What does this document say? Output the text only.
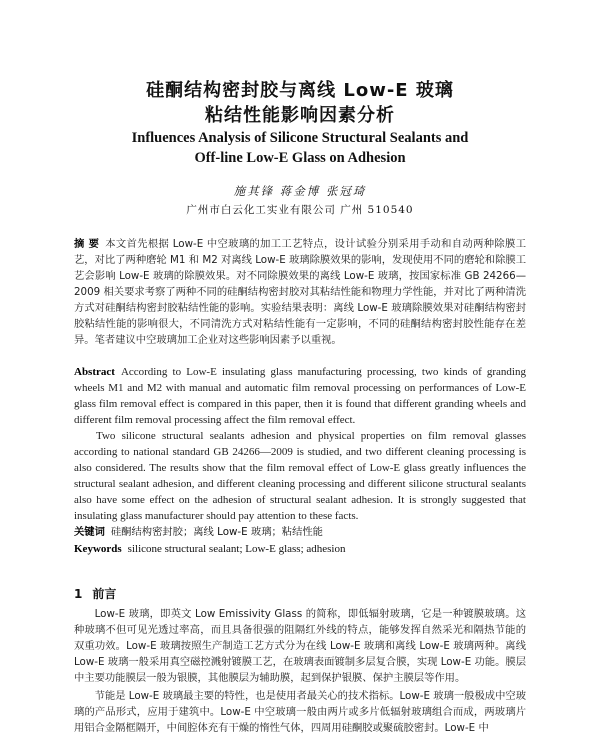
硅酮结构密封胶与离线 Low-E 玻璃
粘结性能影响因素分析
Influences Analysis of Silicone Structural Sealants and
Off-line Low-E Glass on Adhesion
施其锋 蒋金博 张冠琦
广州市白云化工实业有限公司 广州 510540
摘 要 本文首先根据 Low-E 中空玻璃的加工工艺特点，设计试验分别采用手动和自动两种除膜工艺，对比了两种磨轮 M1 和 M2 对离线 Low-E 玻璃除膜效果的影响，发现使用不同的磨轮和除膜工艺会影响 Low-E 玻璃的除膜效果。对不同除膜效果的离线 Low-E 玻璃，按国家标准 GB 24266—2009 相关要求考察了两种不同的硅酮结构密封胶对其粘结性能和物理力学性能，并对比了两种清洗方式对硅酮结构密封胶粘结性能的影响。实验结果表明：离线 Low-E 玻璃除膜效果对硅酮结构密封胶粘结性能的影响很大，不同清洗方式对粘结性能有一定影响，不同的硅酮结构密封胶性能存在差异。笔者建议中空玻璃加工企业对这些影响因素予以重视。
Abstract According to Low-E insulating glass manufacturing processing, two kinds of granding wheels M1 and M2 with manual and automatic film removal processing on performances of Low-E glass film removal effect is compared in this paper, then it is found that different granding wheels and different film removal processing affect the film removal effect.
Two silicone structural sealants adhesion and physical properties on film removal glasses according to national standard GB 24266—2009 is studied, and two different cleaning processing is also considered. The results show that the film removal effect of Low-E glass greatly influences the structural sealant adhesion, and different cleaning processing and different silicone structural sealants also have some effect on the adhesion of structural sealant adhesion. It is strongly suggested that insulating glass manufacturer should pay attention to these facts.
关键词 硅酮结构密封胶；离线 Low-E 玻璃；粘结性能
Keywords silicone structural sealant; Low-E glass; adhesion
1 前言
Low-E 玻璃，即英文 Low Emissivity Glass 的简称，即低辐射玻璃，它是一种镀膜玻璃。这种玻璃不但可见光透过率高，而且具备很强的阻隔红外线的特点，能够发挥自然采光和隔热节能的双重功效。Low-E 玻璃按照生产制造工艺方式分为在线 Low-E 玻璃和离线 Low-E 玻璃两种。离线 Low-E 玻璃一般采用真空磁控溅射镀膜工艺，在玻璃表面镀制多层复合膜，实现 Low-E 功能。膜层中主要功能膜层一般为银膜，其他膜层为辅助膜，起到保护银膜、保护主膜层等作用。
节能是 Low-E 玻璃最主要的特性，也是使用者最关心的技术指标。Low-E 玻璃一般极成中空玻璃的产品形式，应用于建筑中。Low-E 中空玻璃一般由两片或多片低辐射玻璃组合而成，两玻璃片用铝合金隔框隔开，中间腔体充有干燥的惰性气体，四周用硅酮胶或聚硫胶密封。Low-E 中
